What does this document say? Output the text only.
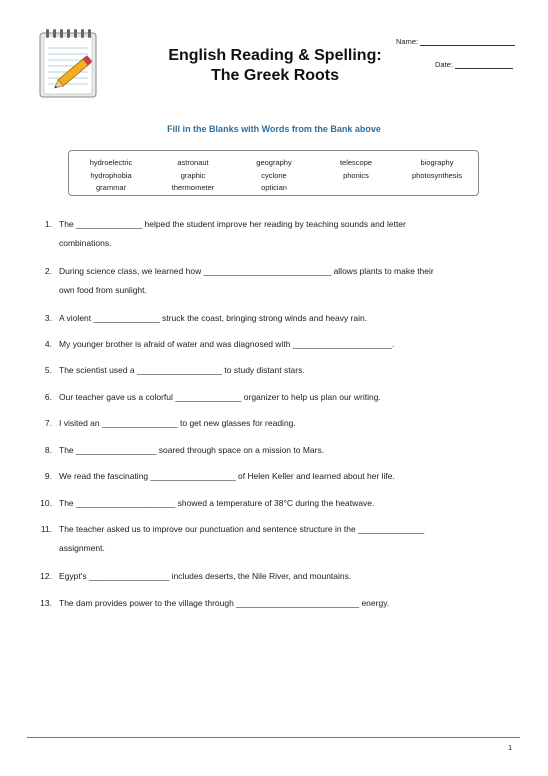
English Reading & Spelling:
The Greek Roots
Name:
Date:
Fill in the Blanks with Words from the Bank above
hydroelectric	astronaut	geography	telescope	biography
hydrophobia	graphic	cyclone	phonics	photosynthesis
grammar	thermometer	optician
1. The ______________ helped the student improve her reading by teaching sounds and letter
combinations.
2. During science class, we learned how ___________________________ allows plants to make their
own food from sunlight.
3. A violent ______________ struck the coast, bringing strong winds and heavy rain.
4. My younger brother is afraid of water and was diagnosed with _____________________.
5. The scientist used a __________________ to study distant stars.
6. Our teacher gave us a colorful ______________ organizer to help us plan our writing.
7. I visited an ________________ to get new glasses for reading.
8. The _________________ soared through space on a mission to Mars.
9. We read the fascinating __________________ of Helen Keller and learned about her life.
10. The _____________________ showed a temperature of 38°C during the heatwave.
11. The teacher asked us to improve our punctuation and sentence structure in the ______________
assignment.
12. Egypt's _________________ includes deserts, the Nile River, and mountains.
13. The dam provides power to the village through __________________________ energy.
1
